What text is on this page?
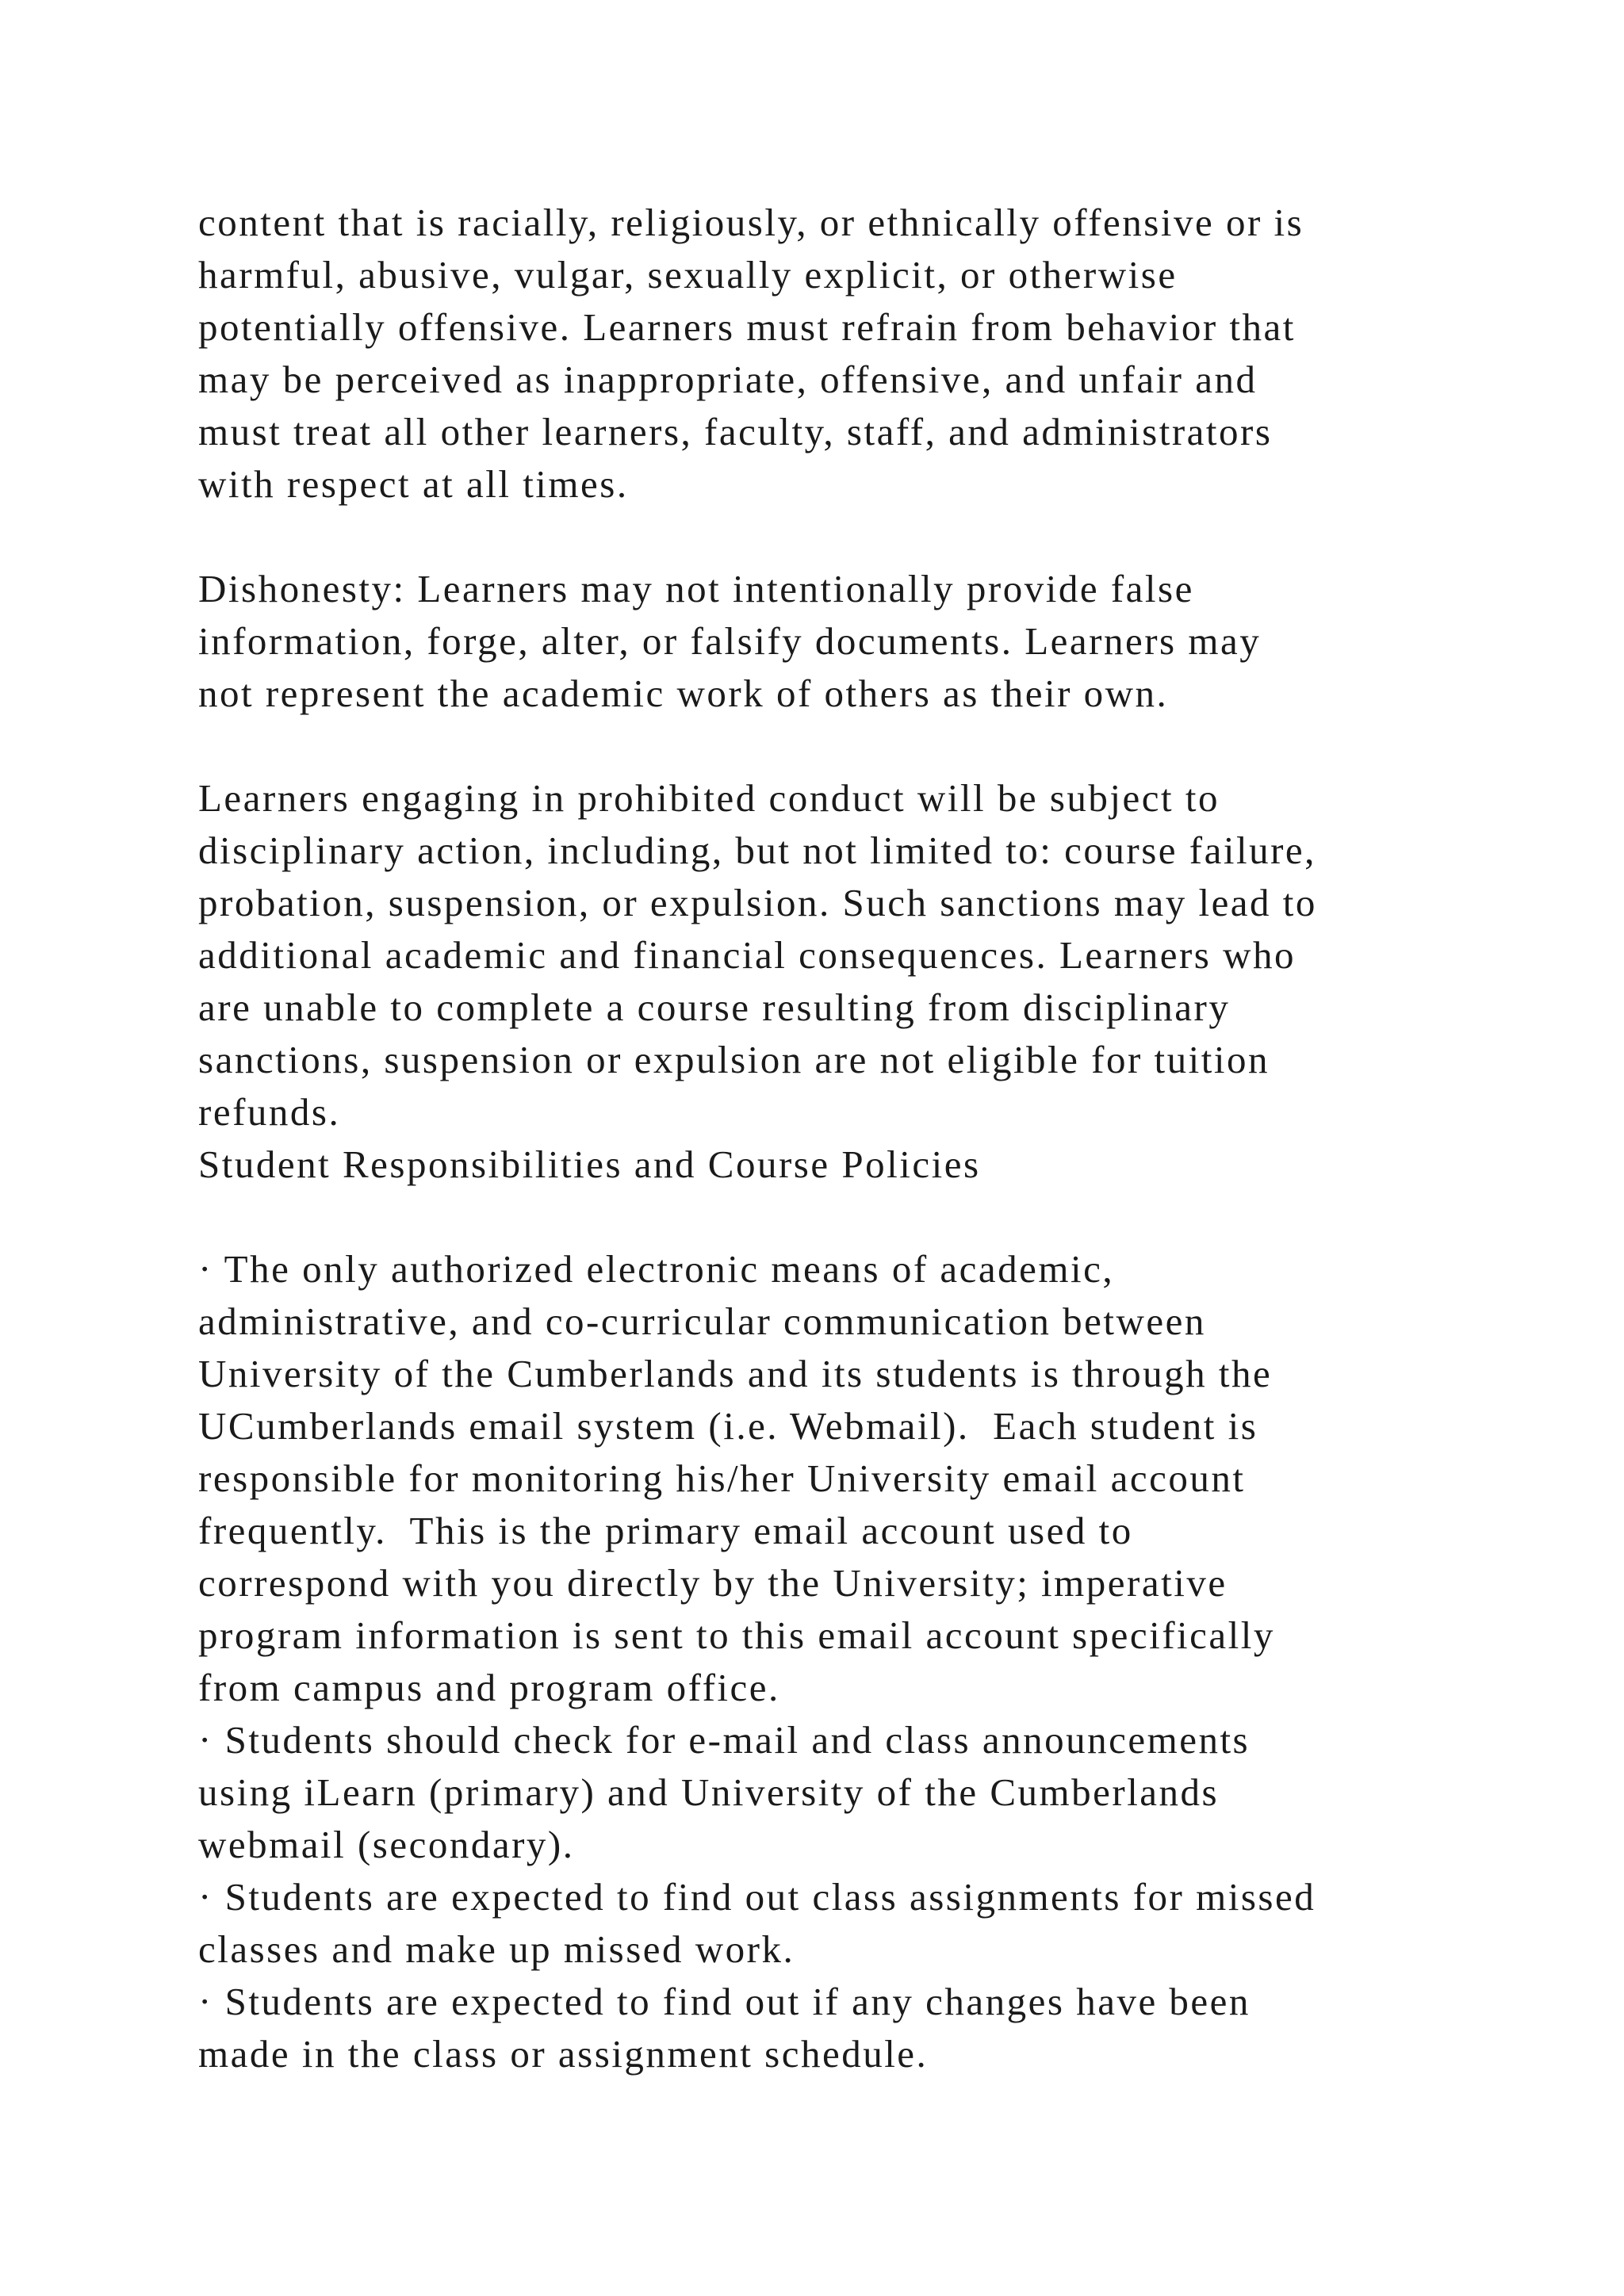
content that is racially, religiously, or ethnically offensive or is
harmful, abusive, vulgar, sexually explicit, or otherwise
potentially offensive. Learners must refrain from behavior that
may be perceived as inappropriate, offensive, and unfair and
must treat all other learners, faculty, staff, and administrators
with respect at all times.
Dishonesty: Learners may not intentionally provide false
information, forge, alter, or falsify documents. Learners may
not represent the academic work of others as their own.
Learners engaging in prohibited conduct will be subject to
disciplinary action, including, but not limited to: course failure,
probation, suspension, or expulsion. Such sanctions may lead to
additional academic and financial consequences. Learners who
are unable to complete a course resulting from disciplinary
sanctions, suspension or expulsion are not eligible for tuition
refunds.
Student Responsibilities and Course Policies
· The only authorized electronic means of academic,
administrative, and co-curricular communication between
University of the Cumberlands and its students is through the
UCumberlands email system (i.e. Webmail).  Each student is
responsible for monitoring his/her University email account
frequently.  This is the primary email account used to
correspond with you directly by the University; imperative
program information is sent to this email account specifically
from campus and program office.
· Students should check for e-mail and class announcements
using iLearn (primary) and University of the Cumberlands
webmail (secondary).
· Students are expected to find out class assignments for missed
classes and make up missed work.
· Students are expected to find out if any changes have been
made in the class or assignment schedule.
